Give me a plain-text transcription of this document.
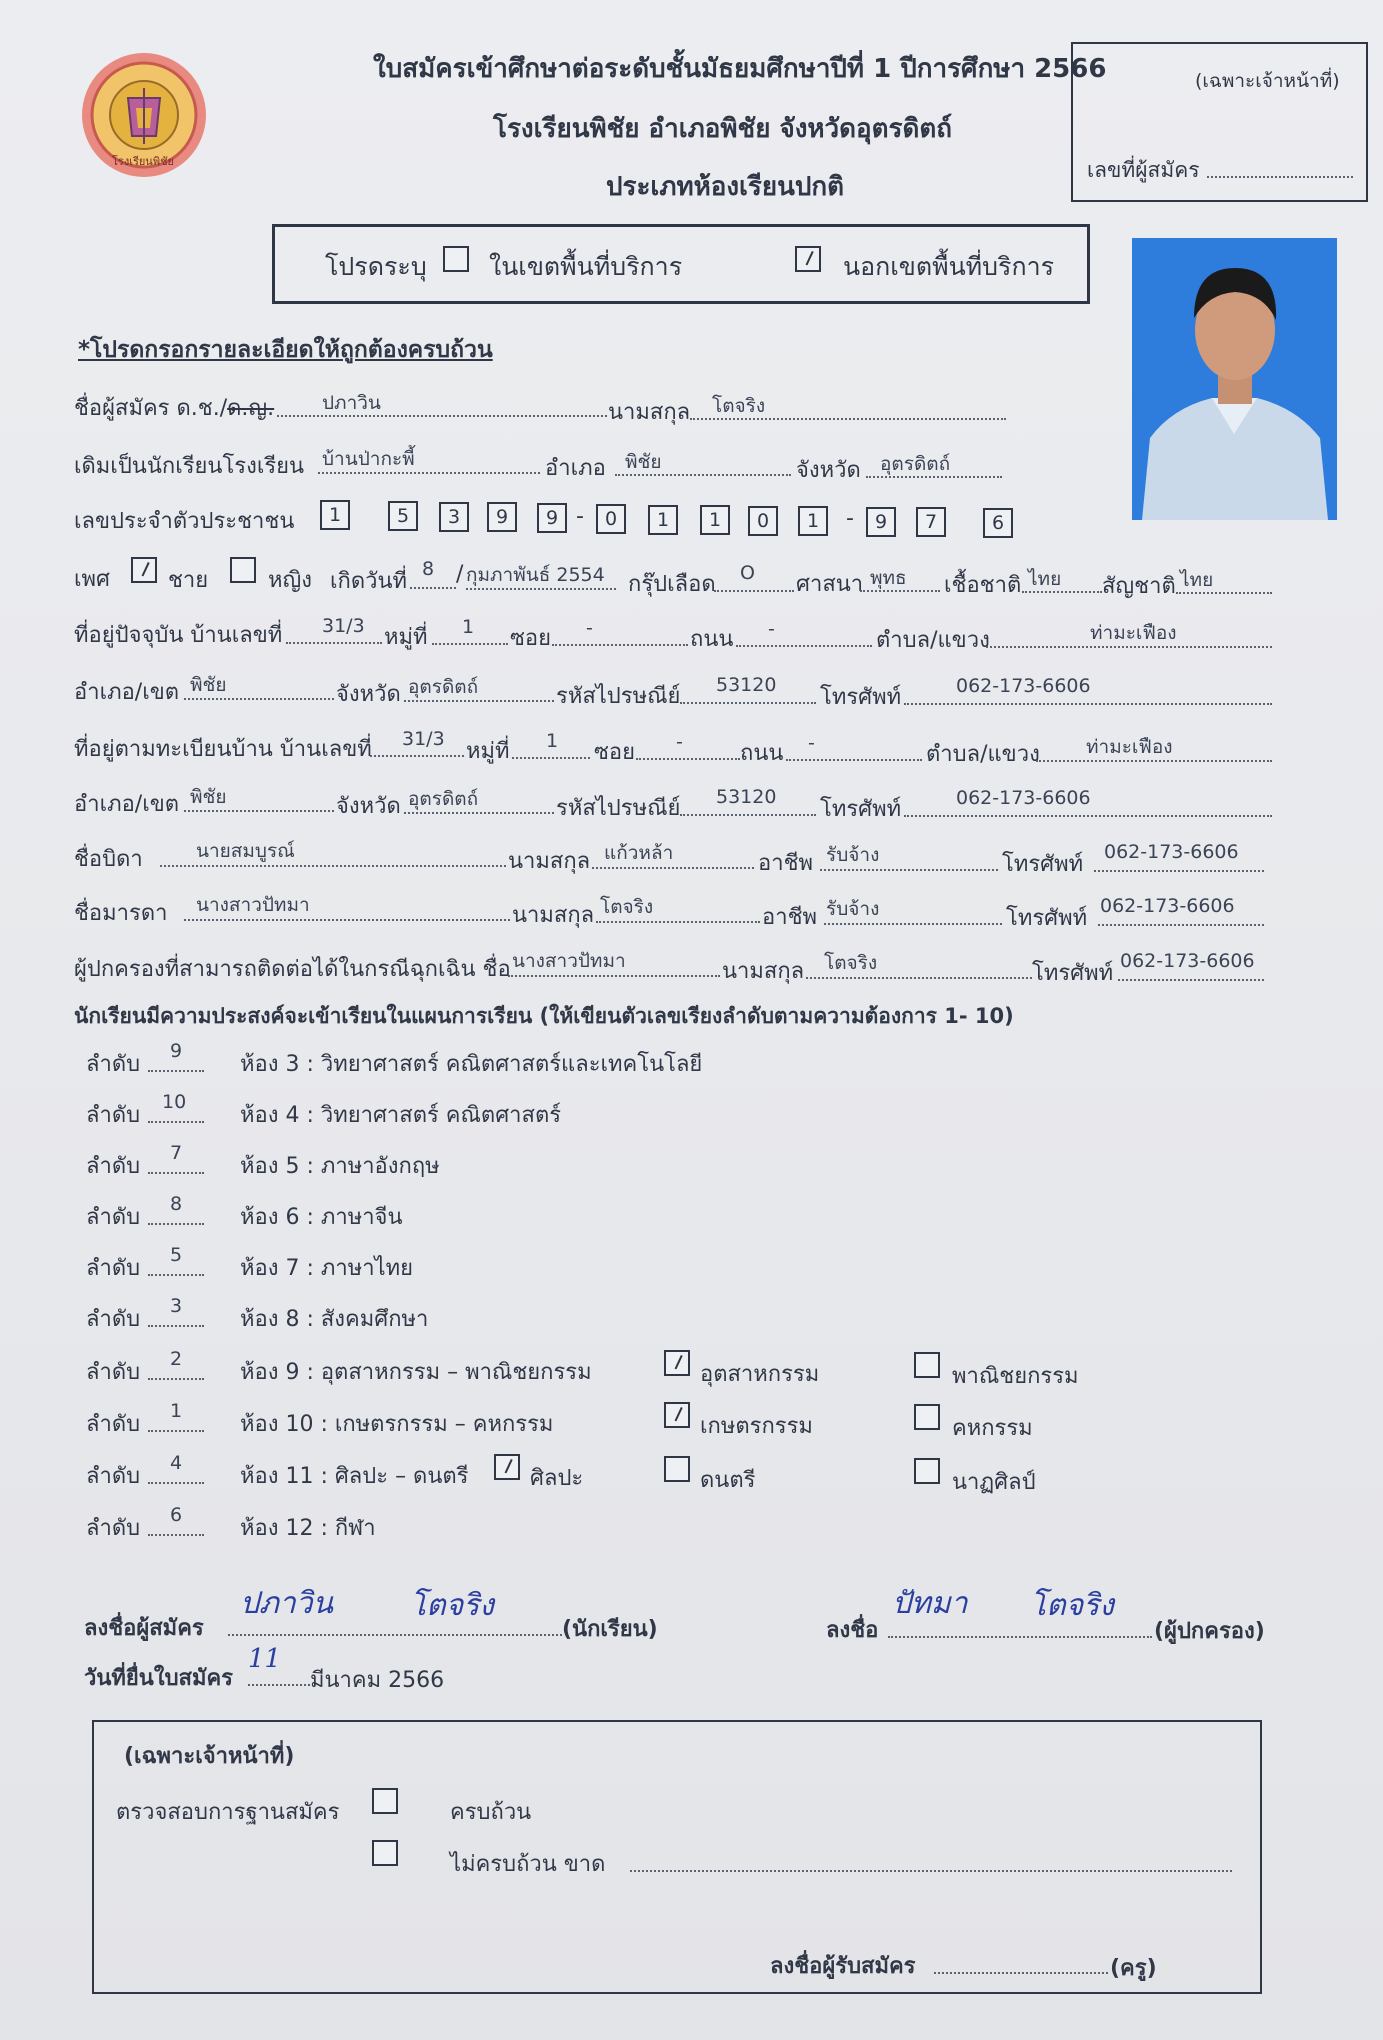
โรงเรียนพิชัย
ใบสมัครเข้าศึกษาต่อระดับชั้นมัธยมศึกษาปีที่ 1 ปีการศึกษา 2566
โรงเรียนพิชัย อำเภอพิชัย จังหวัดอุตรดิตถ์
ประเภทห้องเรียนปกติ
(เฉพาะเจ้าหน้าที่)
เลขที่ผู้สมัคร
โปรดระบุ ในเขตพื้นที่บริการ	นอกเขตพื้นที่บริการ
*โปรดกรอกรายละเอียดให้ถูกต้องครบถ้วน
ชื่อผู้สมัคร ด.ช./ด.ญ.	ปภาวิน	นามสกุล โตจริง
เดิมเป็นนักเรียนโรงเรียน บ้านป่ากะพี้	อำเภอ พิชัย	จังหวัด อุตรดิตถ์
เลขประจำตัวประชาชน	1	5	3	9	9 -	0	1	1	0	1	-	9	7	6
เพศ	ชาย	หญิง เกิดวันที่ 8 / กุมภาพันธ์ 2554 กรุ๊ปเลือด O ศาสนา พุทธ เชื้อชาติ ไทย สัญชาติ ไทย
ที่อยู่ปัจจุบัน บ้านเลขที่ 31/3 หมู่ที่ 1 ซอย -	ถนน -	ตำบล/แขวง	ท่ามะเฟือง
อำเภอ/เขต พิชัย	จังหวัด อุตรดิตถ์	รหัสไปรษณีย์ 53120 โทรศัพท์	062-173-6606
ที่อยู่ตามทะเบียนบ้าน บ้านเลขที่ 31/3 หมู่ที่ 1 ซอย -	ถนน -	ตำบล/แขวง ท่ามะเฟือง
อำเภอ/เขต พิชัย	จังหวัด อุตรดิตถ์	รหัสไปรษณีย์ 53120 โทรศัพท์	062-173-6606
ชื่อบิดา	นายสมบูรณ์	นามสกุล แก้วหล้า	อาชีพ รับจ้าง	โทรศัพท์ 062-173-6606
ชื่อมารดา นางสาวปัทมา	นามสกุล โตจริง	อาชีพ รับจ้าง	โทรศัพท์ 062-173-6606
ผู้ปกครองที่สามารถติดต่อได้ในกรณีฉุกเฉิน ชื่อ นางสาวปัทมา	นามสกุล โตจริง	โทรศัพท์ 062-173-6606
นักเรียนมีความประสงค์จะเข้าเรียนในแผนการเรียน (ให้เขียนตัวเลขเรียงลำดับตามความต้องการ 1- 10)
ลำดับ
9
ห้อง 3 : วิทยาศาสตร์ คณิตศาสตร์และเทคโนโลยี
ลำดับ
10
ห้อง 4 : วิทยาศาสตร์ คณิตศาสตร์
ลำดับ
7
ห้อง 5 : ภาษาอังกฤษ
ลำดับ
8
ห้อง 6 : ภาษาจีน
ลำดับ
5
ห้อง 7 : ภาษาไทย
ลำดับ
3
ห้อง 8 : สังคมศึกษา
ลำดับ
2
ห้อง 9 : อุตสาหกรรม – พาณิชยกรรม	อุตสาหกรรม	พาณิชยกรรม
ลำดับ
1
ห้อง 10 : เกษตรกรรม – คหกรรม	เกษตรกรรม	คหกรรม
ลำดับ
4
ห้อง 11 : ศิลปะ – ดนตรี	ศิลปะ	ดนตรี	นาฏศิลป์
ลำดับ
6
ห้อง 12 : กีฬา
ลงชื่อผู้สมัคร
ปภาวิน	โตจริง
(นักเรียน)	ลงชื่อ
ปัทมา โตจริง
(ผู้ปกครอง)
วันที่ยื่นใบสมัคร
11
มีนาคม 2566
(เฉพาะเจ้าหน้าที่)
ตรวจสอบการฐานสมัคร	ครบถ้วน
ไม่ครบถ้วน ขาด
ลงชื่อผู้รับสมัคร	(ครู)
